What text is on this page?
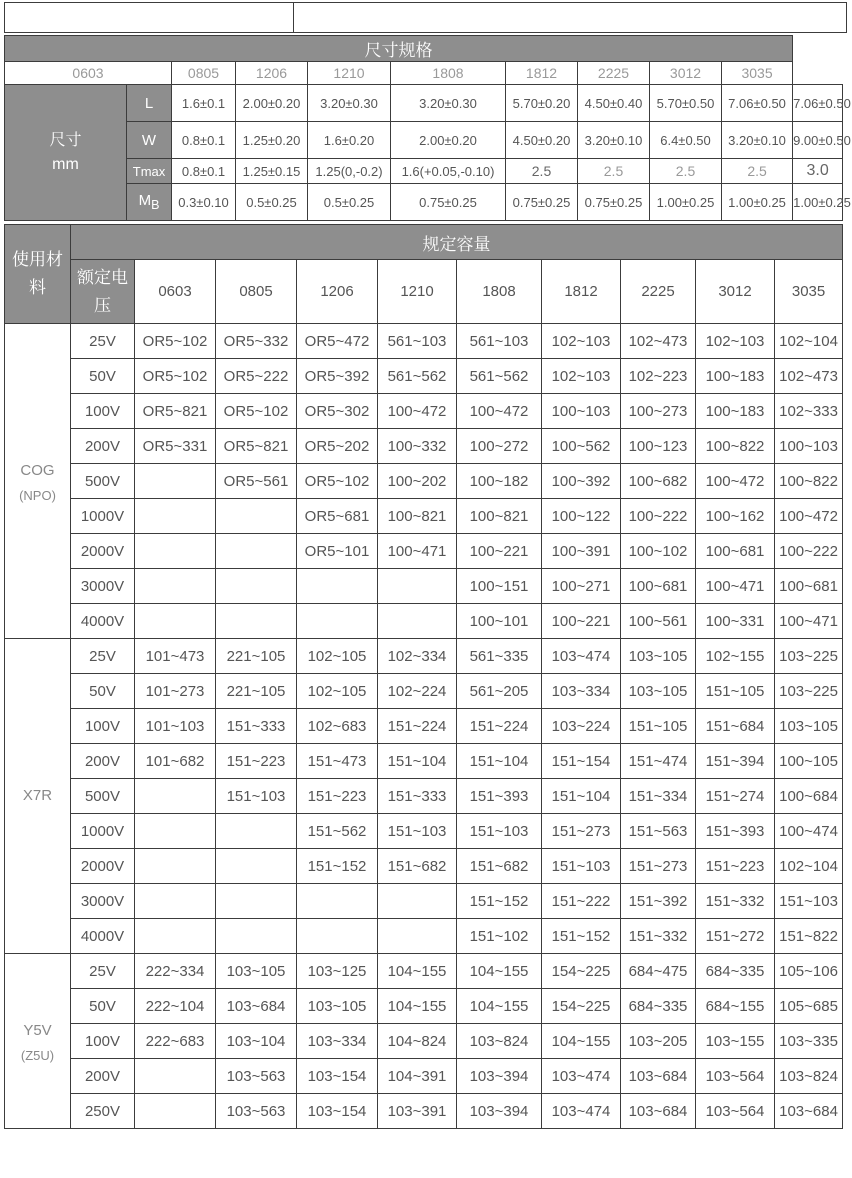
尺寸规格										
0603		0805	1206	1210	1808	1812	2225	3012	3035	
尺寸
mm	L	1.6±0.1	2.00±0.20	3.20±0.30	3.20±0.30	5.70±0.20	4.50±0.40	5.70±0.50	7.06±0.50	7.06±0.50
	W	0.8±0.1	1.25±0.20	1.6±0.20	2.00±0.20	4.50±0.20	3.20±0.10	6.4±0.50	3.20±0.10	9.00±0.50
	Tmax	0.8±0.1	1.25±0.15	1.25(0,-0.2)	1.6(+0.05,-0.10)	2.5	2.5	2.5	2.5	3.0
	$M_B$	0.3±0.10	0.5±0.25	0.5±0.25	0.75±0.25	0.75±0.25	0.75±0.25	1.00±0.25	1.00±0.25	1.00±0.25
使用材料	规定容量									
	额定电压	0603	0805	1206	1210	1808	1812	2225	3012	3035
COG
(NPO)	25V	OR5~102	OR5~332	OR5~472	561~103	561~103	102~103	102~473	102~103	102~104
	50V	OR5~102	OR5~222	OR5~392	561~562	561~562	102~103	102~223	100~183	102~473
	100V	OR5~821	OR5~102	OR5~302	100~472	100~472	100~103	100~273	100~183	102~333
	200V	OR5~331	OR5~821	OR5~202	100~332	100~272	100~562	100~123	100~822	100~103
	500V		OR5~561	OR5~102	100~202	100~182	100~392	100~682	100~472	100~822
	1000V			OR5~681	100~821	100~821	100~122	100~222	100~162	100~472
	2000V			OR5~101	100~471	100~221	100~391	100~102	100~681	100~222
	3000V					100~151	100~271	100~681	100~471	100~681
	4000V					100~101	100~221	100~561	100~331	100~471
X7R	25V	101~473	221~105	102~105	102~334	561~335	103~474	103~105	102~155	103~225
	50V	101~273	221~105	102~105	102~224	561~205	103~334	103~105	151~105	103~225
	100V	101~103	151~333	102~683	151~224	151~224	103~224	151~105	151~684	103~105
	200V	101~682	151~223	151~473	151~104	151~104	151~154	151~474	151~394	100~105
	500V		151~103	151~223	151~333	151~393	151~104	151~334	151~274	100~684
	1000V			151~562	151~103	151~103	151~273	151~563	151~393	100~474
	2000V			151~152	151~682	151~682	151~103	151~273	151~223	102~104
	3000V					151~152	151~222	151~392	151~332	151~103
	4000V					151~102	151~152	151~332	151~272	151~822
Y5V
(Z5U)	25V	222~334	103~105	103~125	104~155	104~155	154~225	684~475	684~335	105~106
	50V	222~104	103~684	103~105	104~155	104~155	154~225	684~335	684~155	105~685
	100V	222~683	103~104	103~334	104~824	103~824	104~155	103~205	103~155	103~335
	200V		103~563	103~154	104~391	103~394	103~474	103~684	103~564	103~824
	250V		103~563	103~154	103~391	103~394	103~474	103~684	103~564	103~684
